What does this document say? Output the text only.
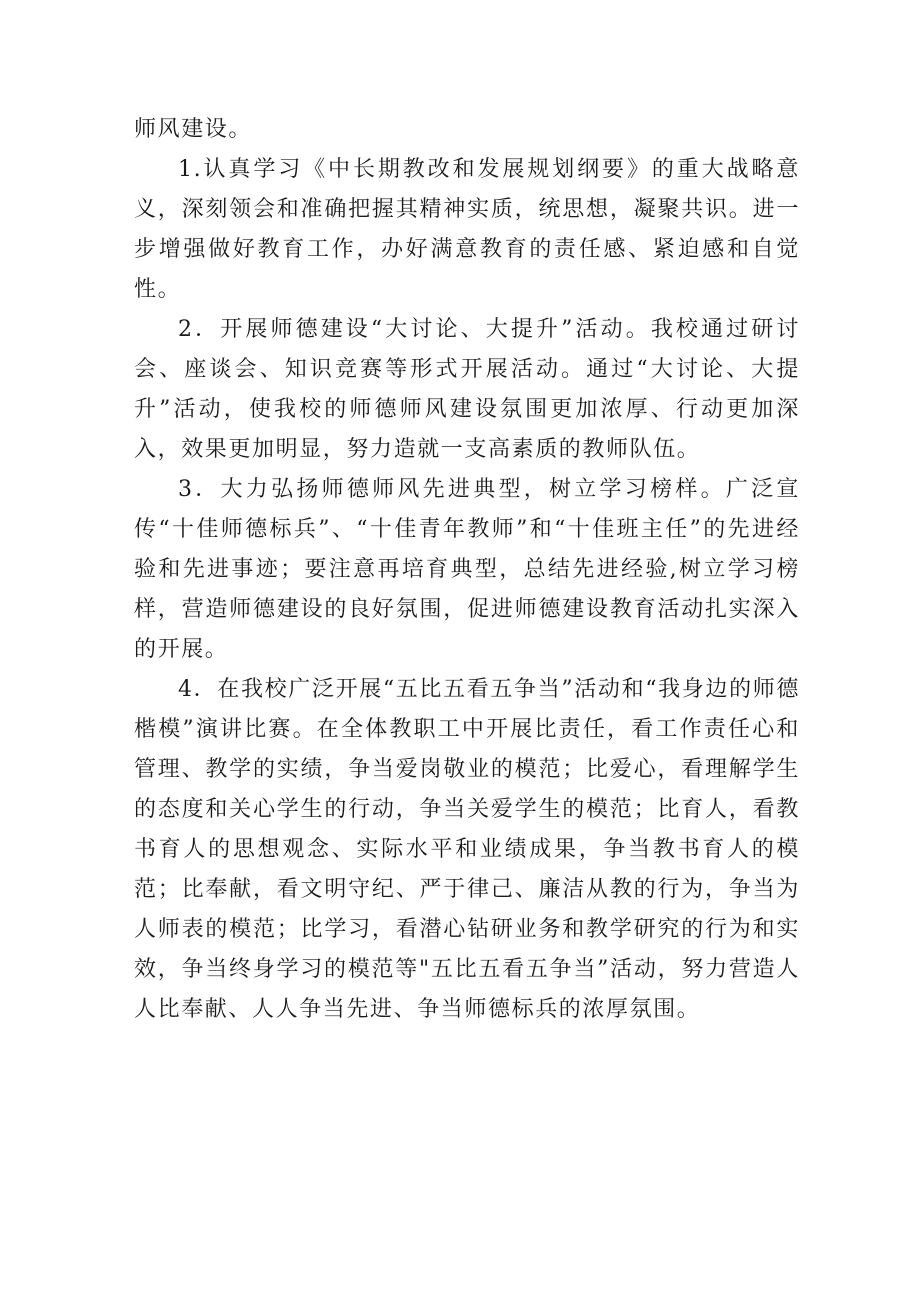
师风建设。

1.认真学习《中长期教改和发展规划纲要》的重大战略意义，深刻领会和准确把握其精神实质，统思想，凝聚共识。进一步增强做好教育工作，办好满意教育的责任感、紧迫感和自觉性。

2．开展师德建设“大讨论、大提升”活动。我校通过研讨会、座谈会、知识竞赛等形式开展活动。通过“大讨论、大提升”活动，使我校的师德师风建设氛围更加浓厚、行动更加深入，效果更加明显，努力造就一支高素质的教师队伍。

3．大力弘扬师德师风先进典型，树立学习榜样。广泛宣传“十佳师德标兵”、“十佳青年教师”和“十佳班主任”的先进经验和先进事迹；要注意再培育典型，总结先进经验,树立学习榜样，营造师德建设的良好氛围，促进师德建设教育活动扎实深入的开展。

4．在我校广泛开展“五比五看五争当”活动和“我身边的师德楷模”演讲比赛。在全体教职工中开展比责任，看工作责任心和管理、教学的实绩，争当爱岗敬业的模范；比爱心，看理解学生的态度和关心学生的行动，争当关爱学生的模范；比育人，看教书育人的思想观念、实际水平和业绩成果，争当教书育人的模范；比奉献，看文明守纪、严于律己、廉洁从教的行为，争当为人师表的模范；比学习，看潜心钻研业务和教学研究的行为和实效，争当终身学习的模范等"五比五看五争当”活动，努力营造人人比奉献、人人争当先进、争当师德标兵的浓厚氛围。
